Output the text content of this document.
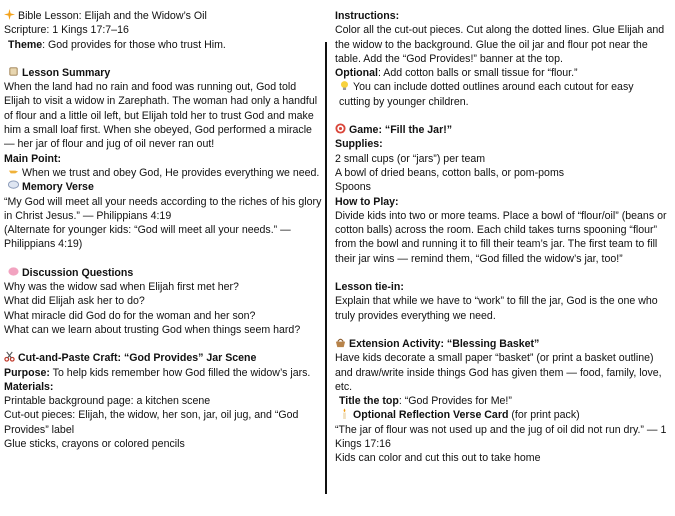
Bible Lesson: Elijah and the Widow’s Oil

Scripture: 1 Kings 17:7–16

Theme: God provides for those who trust Him.

Lesson Summary

When the land had no rain and food was running out, God told Elijah to visit a widow in Zarephath. The woman had only a handful of flour and a little oil left, but Elijah told her to trust God and make him a small loaf first. When she obeyed, God performed a miracle — her jar of flour and jug of oil never ran out!

Main Point:

When we trust and obey God, He provides everything we need.

Memory Verse

“My God will meet all your needs according to the riches of his glory in Christ Jesus.” — Philippians 4:19

(Alternate for younger kids: “God will meet all your needs.” — Philippians 4:19)

Discussion Questions

Why was the widow sad when Elijah first met her?

What did Elijah ask her to do?

What miracle did God do for the woman and her son?

What can we learn about trusting God when things seem hard?

Cut-and-Paste Craft: “God Provides” Jar Scene

Purpose: To help kids remember how God filled the widow’s jars.

Materials:

Printable background page: a kitchen scene

Cut-out pieces: Elijah, the widow, her son, jar, oil jug, and “God Provides” label

Glue sticks, crayons or colored pencils

Instructions:

Color all the cut-out pieces. Cut along the dotted lines. Glue Elijah and the widow to the background. Glue the oil jar and flour pot near the table. Add the “God Provides!” banner at the top.

Optional: Add cotton balls or small tissue for “flour.”

You can include dotted outlines around each cutout for easy cutting by younger children.

Game: “Fill the Jar!”

Supplies:

2 small cups (or “jars”) per team

A bowl of dried beans, cotton balls, or pom-poms

Spoons

How to Play:

Divide kids into two or more teams. Place a bowl of “flour/oil” (beans or cotton balls) across the room. Each child takes turns spooning “flour” from the bowl and running it to fill their team’s jar. The first team to fill their jar wins — remind them, “God filled the widow’s jar, too!”

Lesson tie-in:

Explain that while we have to “work” to fill the jar, God is the one who truly provides everything we need.

Extension Activity: “Blessing Basket”

Have kids decorate a small paper “basket” (or print a basket outline) and draw/write inside things God has given them — food, family, love, etc.

Title the top: “God Provides for Me!”

Optional Reflection Verse Card (for print pack)

“The jar of flour was not used up and the jug of oil did not run dry.” — 1 Kings 17:16

Kids can color and cut this out to take home
